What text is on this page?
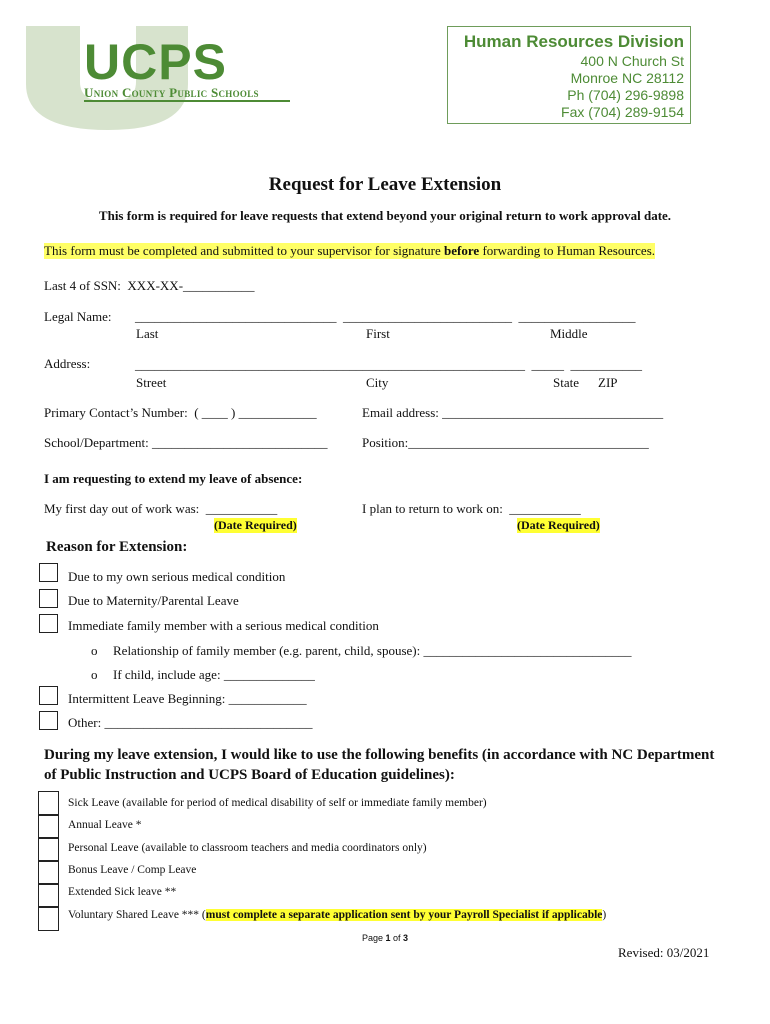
UCPS
Union County Public Schools
Human Resources Division
400 N Church St
Monroe NC 28112
Ph (704) 296-9898
Fax (704) 289-9154
Request for Leave Extension
This form is required for leave requests that extend beyond your original return to work approval date.
This form must be completed and submitted to your supervisor for signature before forwarding to Human Resources.
Last 4 of SSN:  XXX-XX-___________
Legal Name: _______________________________  __________________________  __________________
Last	First	Middle
Address:	____________________________________________________________  _____  ___________
Street	City	State ZIP
Primary Contact’s Number:  ( ____ ) ____________	Email address: __________________________________
School/Department: ___________________________	Position:_____________________________________
I am requesting to extend my leave of absence:
My first day out of work was:  ___________
(Date Required)
I plan to return to work on:  ___________
(Date Required)
Reason for Extension:
Due to my own serious medical condition
Due to Maternity/Parental Leave
Immediate family member with a serious medical condition
o Relationship of family member (e.g. parent, child, spouse): ________________________________
o If child, include age: ______________
Intermittent Leave Beginning: ____________
Other: ________________________________
During my leave extension, I would like to use the following benefits (in accordance with NC Department
of Public Instruction and UCPS Board of Education guidelines):
Sick Leave (available for period of medical disability of self or immediate family member)
Annual Leave *
Personal Leave (available to classroom teachers and media coordinators only)
Bonus Leave / Comp Leave
Extended Sick leave **
Voluntary Shared Leave *** (must complete a separate application sent by your Payroll Specialist if applicable)
Page 1 of 3
Revised: 03/2021
